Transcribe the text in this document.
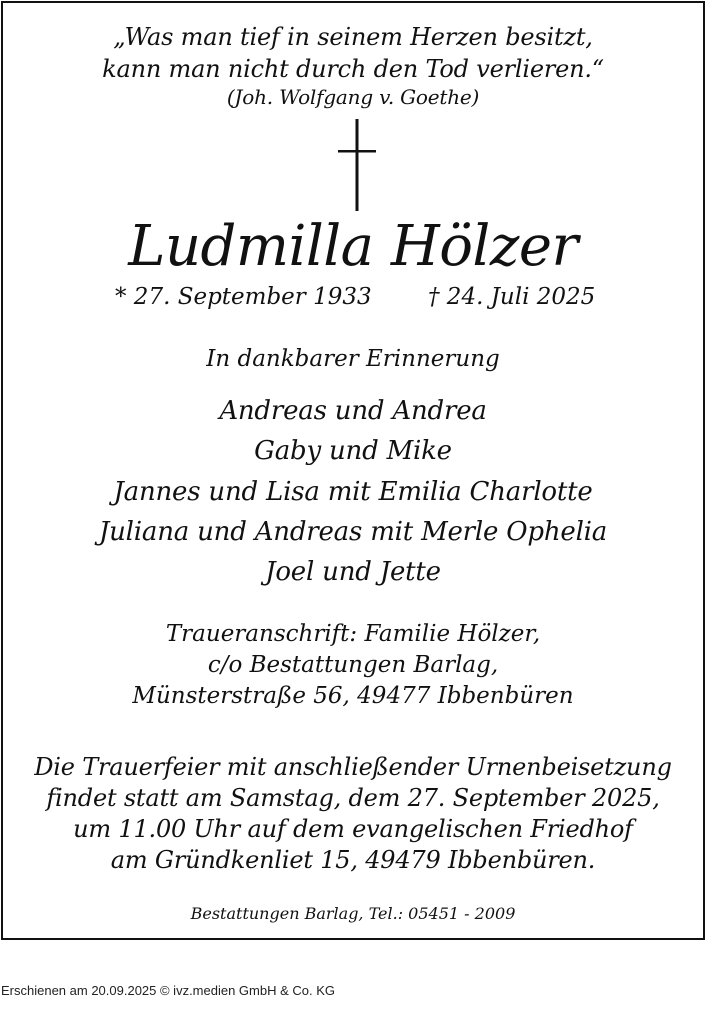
„Was man tief in seinem Herzen besitzt,
kann man nicht durch den Tod verlieren.“
(Joh. Wolfgang v. Goethe)
Ludmilla Hölzer
* 27. September 1933 † 24. Juli 2025
In dankbarer Erinnerung
Andreas und Andrea
Gaby und Mike
Jannes und Lisa mit Emilia Charlotte
Juliana und Andreas mit Merle Ophelia
Joel und Jette
Traueranschrift: Familie Hölzer,
c/o Bestattungen Barlag,
Münsterstraße 56, 49477 Ibbenbüren
Die Trauerfeier mit anschließender Urnenbeisetzung
findet statt am Samstag, dem 27. September 2025,
um 11.00 Uhr auf dem evangelischen Friedhof
am Gründkenliet 15, 49479 Ibbenbüren.
Bestattungen Barlag, Tel.: 05451 - 2009
Erschienen am 20.09.2025 © ivz.medien GmbH & Co. KG
